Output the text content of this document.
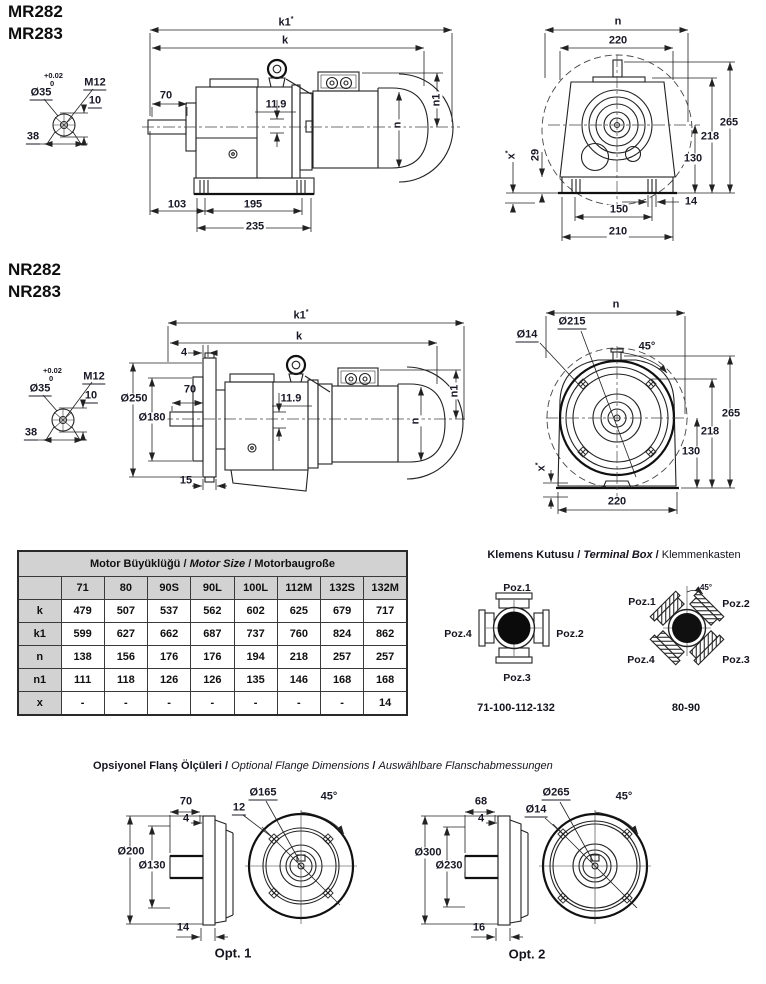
MR282
MR283
Ø35
+0.02
0	M12
10
38
k1*
k
70
11.9	n1
n
103	195
235
n
220
265
218
130
29
x*
14
150
210
NR282
NR283
Ø35
+0.02
0	M12
10
38
k1*
k
4
70
11.9
Ø250
Ø180	n
n1
15
n
Ø215
Ø14
45°
265
218
130
x*
220
Motor Büyüklüğü / Motor Size / Motorbaugroße								
	71	80	90S	90L	100L	112M	132S	132M
k	479	507	537	562	602	625	679	717
k1	599	627	662	687	737	760	824	862
n	138	156	176	176	194	218	257	257
n1	111	118	126	126	135	146	168	168
x	-	-	-	-	-	-	-	14
Klemens Kutusu / Terminal Box / Klemmenkasten
Poz.1
Poz.2
Poz.3
Poz.4
71-100-112-132
Poz.1	Poz.2
Poz.3
Poz.4
45°
80-90
Opsiyonel Flanş Ölçüleri / Optional Flange Dimensions / Auswählbare Flanschabmessungen
70
4
Ø200
Ø130
14
Ø165
12
45°
Opt. 1
68
4
Ø300
Ø230
16
Ø265
Ø14
45°
Opt. 2
